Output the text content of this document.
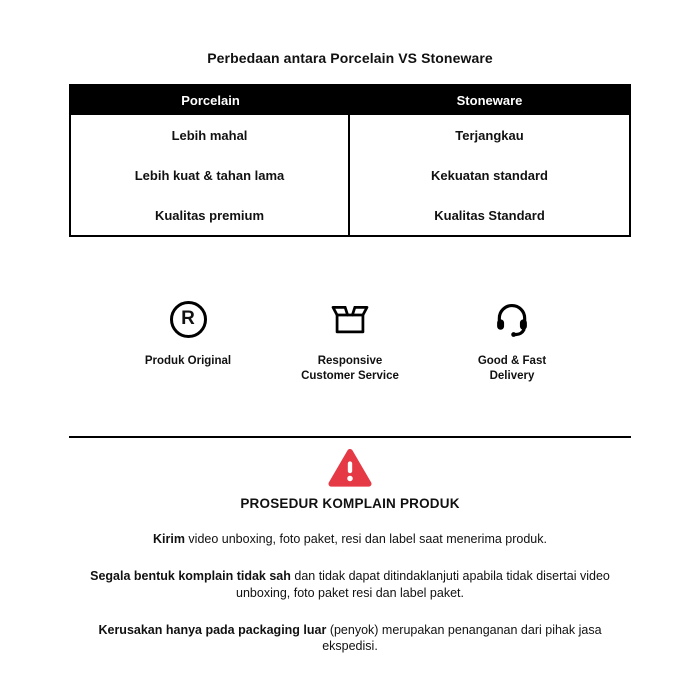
Perbedaan antara Porcelain VS Stoneware
Porcelain	Stoneware
Lebih mahal
Lebih kuat & tahan lama
Kualitas premium
Terjangkau
Kekuatan standard
Kualitas Standard
R
Produk Original	Responsive Customer Service
Good & Fast Delivery
PROSEDUR KOMPLAIN PRODUK

Kirim video unboxing, foto paket, resi dan label saat menerima produk.

Segala bentuk komplain tidak sah dan tidak dapat ditindaklanjuti apabila tidak disertai video unboxing, foto paket resi dan label paket.

Kerusakan hanya pada packaging luar (penyok) merupakan penanganan dari pihak jasa ekspedisi.
